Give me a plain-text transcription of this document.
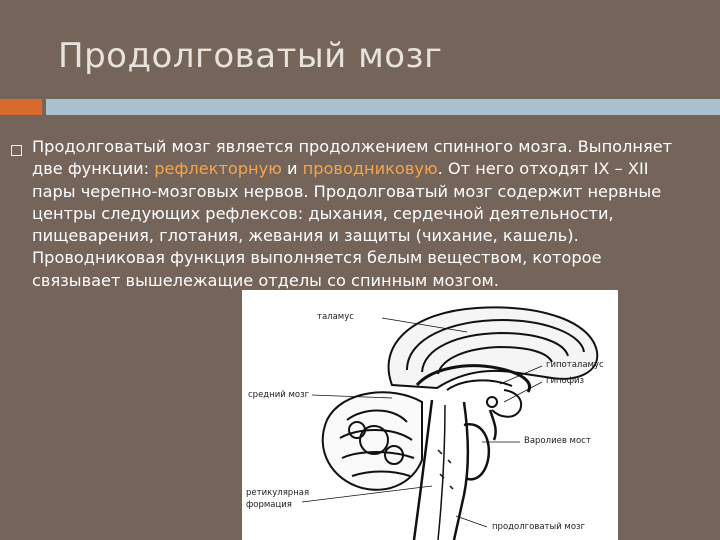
Продолговатый мозг
Продолговатый мозг является продолжением спинного мозга. Выполняет две функции: рефлекторную и проводниковую. От него отходят IX – XII пары черепно-мозговых нервов. Продолговатый мозг содержит нервные центры следующих рефлексов: дыхания, сердечной деятельности, пищеварения, глотания, жевания и защиты (чихание, кашель). Проводниковая функция выполняется белым веществом, которое связывает вышележащие отделы со спинным мозгом.
таламус
гипоталамус
гипофиз
средний мозг
Варолиев мост
ретикулярная
формация
продолговатый мозг
